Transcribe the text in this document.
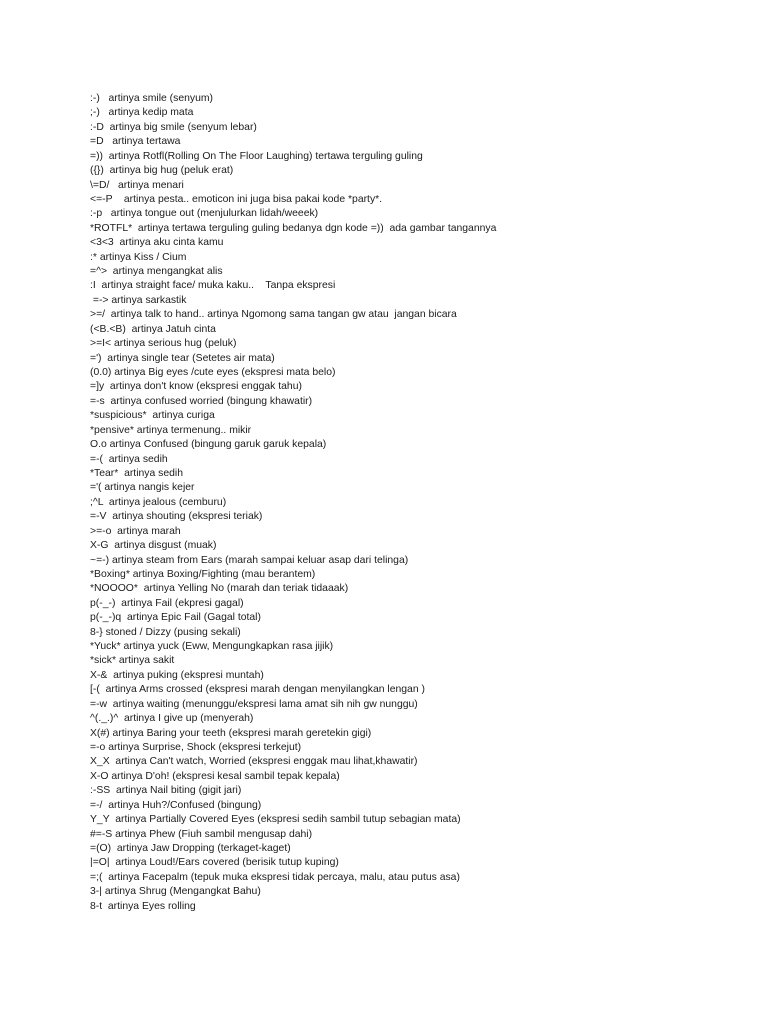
:-)   artinya smile (senyum)
;-)   artinya kedip mata
:-D  artinya big smile (senyum lebar)
=D   artinya tertawa
=))  artinya Rotfl(Rolling On The Floor Laughing) tertawa terguling guling
({})  artinya big hug (peluk erat)
\=D/   artinya menari
<=-P    artinya pesta.. emoticon ini juga bisa pakai kode *party*.
:-p   artinya tongue out (menjulurkan lidah/weeek)
*ROTFL*  artinya tertawa terguling guling bedanya dgn kode =))  ada gambar tangannya
<3<3  artinya aku cinta kamu
:* artinya Kiss / Cium
=^>  artinya mengangkat alis
:I  artinya straight face/ muka kaku..    Tanpa ekspresi
=-> artinya sarkastik
>=/  artinya talk to hand.. artinya Ngomong sama tangan gw atau  jangan bicara
(<B.<B)  artinya Jatuh cinta
>=I< artinya serious hug (peluk)
=')  artinya single tear (Setetes air mata)
(0.0) artinya Big eyes /cute eyes (ekspresi mata belo)
=]y  artinya don't know (ekspresi enggak tahu)
=-s  artinya confused worried (bingung khawatir)
*suspicious*  artinya curiga
*pensive* artinya termenung.. mikir
O.o artinya Confused (bingung garuk garuk kepala)
=-(  artinya sedih
*Tear*  artinya sedih
='( artinya nangis kejer
;^L  artinya jealous (cemburu)
=-V  artinya shouting (ekspresi teriak)
>=-o  artinya marah
X-G  artinya disgust (muak)
~=-) artinya steam from Ears (marah sampai keluar asap dari telinga)
*Boxing* artinya Boxing/Fighting (mau berantem)
*NOOOO*  artinya Yelling No (marah dan teriak tidaaak)
p(-_-)  artinya Fail (ekpresi gagal)
p(-_-)q  artinya Epic Fail (Gagal total)
8-} stoned / Dizzy (pusing sekali)
*Yuck* artinya yuck (Eww, Mengungkapkan rasa jijik)
*sick* artinya sakit
X-&  artinya puking (ekspresi muntah)
[-(  artinya Arms crossed (ekspresi marah dengan menyilangkan lengan )
=-w  artinya waiting (menunggu/ekspresi lama amat sih nih gw nunggu)
^(._.)^  artinya I give up (menyerah)
X(#) artinya Baring your teeth (ekspresi marah geretekin gigi)
=-o artinya Surprise, Shock (ekspresi terkejut)
X_X  artinya Can't watch, Worried (ekspresi enggak mau lihat,khawatir)
X-O artinya D'oh! (ekspresi kesal sambil tepak kepala)
:-SS  artinya Nail biting (gigit jari)
=-/  artinya Huh?/Confused (bingung)
Y_Y  artinya Partially Covered Eyes (ekspresi sedih sambil tutup sebagian mata)
#=-S artinya Phew (Fiuh sambil mengusap dahi)
=(O)  artinya Jaw Dropping (terkaget-kaget)
|=O|  artinya Loud!/Ears covered (berisik tutup kuping)
=;(  artinya Facepalm (tepuk muka ekspresi tidak percaya, malu, atau putus asa)
3-| artinya Shrug (Mengangkat Bahu)
8-t  artinya Eyes rolling
